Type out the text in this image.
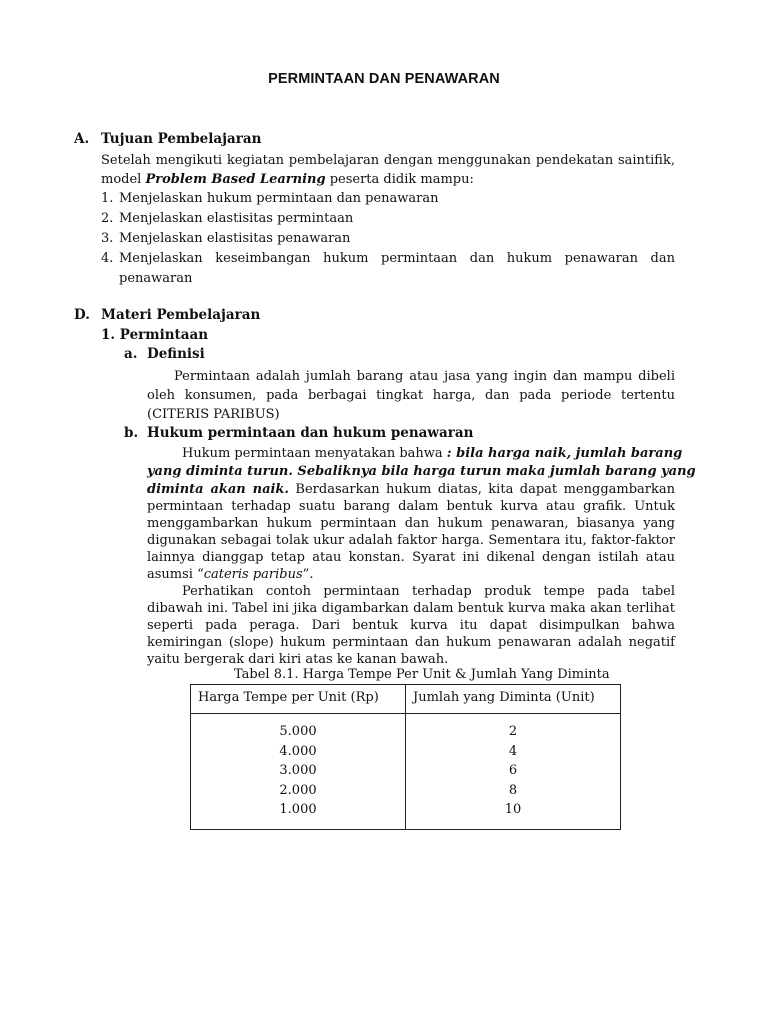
PERMINTAAN DAN PENAWARAN
A. Tujuan Pembelajaran
Setelah mengikuti kegiatan pembelajaran dengan menggunakan pendekatan saintifik,
model Problem Based Learning peserta didik mampu:
1. Menjelaskan hukum permintaan dan penawaran
2. Menjelaskan elastisitas permintaan
3. Menjelaskan elastisitas penawaran
4. Menjelaskan keseimbangan hukum permintaan dan hukum penawaran dan
penawaran
D. Materi Pembelajaran
1. Permintaan
a. Definisi
Permintaan adalah jumlah barang atau jasa yang ingin dan mampu dibeli
oleh konsumen, pada berbagai tingkat harga, dan pada periode tertentu
(CITERIS PARIBUS)
b. Hukum permintaan dan hukum penawaran
Hukum permintaan menyatakan bahwa : bila harga naik, jumlah barang
yang diminta turun. Sebaliknya bila harga turun maka jumlah barang yang
diminta akan naik. Berdasarkan hukum diatas, kita dapat menggambarkan
permintaan terhadap suatu barang dalam bentuk kurva atau grafik. Untuk
menggambarkan hukum permintaan dan hukum penawaran, biasanya yang
digunakan sebagai tolak ukur adalah faktor harga. Sementara itu, faktor-faktor
lainnya dianggap tetap atau konstan. Syarat ini dikenal dengan istilah atau
asumsi “cateris paribus”.
Perhatikan contoh permintaan terhadap produk tempe pada tabel
dibawah ini. Tabel ini jika digambarkan dalam bentuk kurva maka akan terlihat
seperti pada peraga. Dari bentuk kurva itu dapat disimpulkan bahwa
kemiringan (slope) hukum permintaan dan hukum penawaran adalah negatif
yaitu bergerak dari kiri atas ke kanan bawah.
Tabel 8.1. Harga Tempe Per Unit & Jumlah Yang Diminta
Harga Tempe per Unit (Rp)	Jumlah yang Diminta (Unit)
5.000	2
4.000	4
3.000	6
2.000	8
1.000	10
